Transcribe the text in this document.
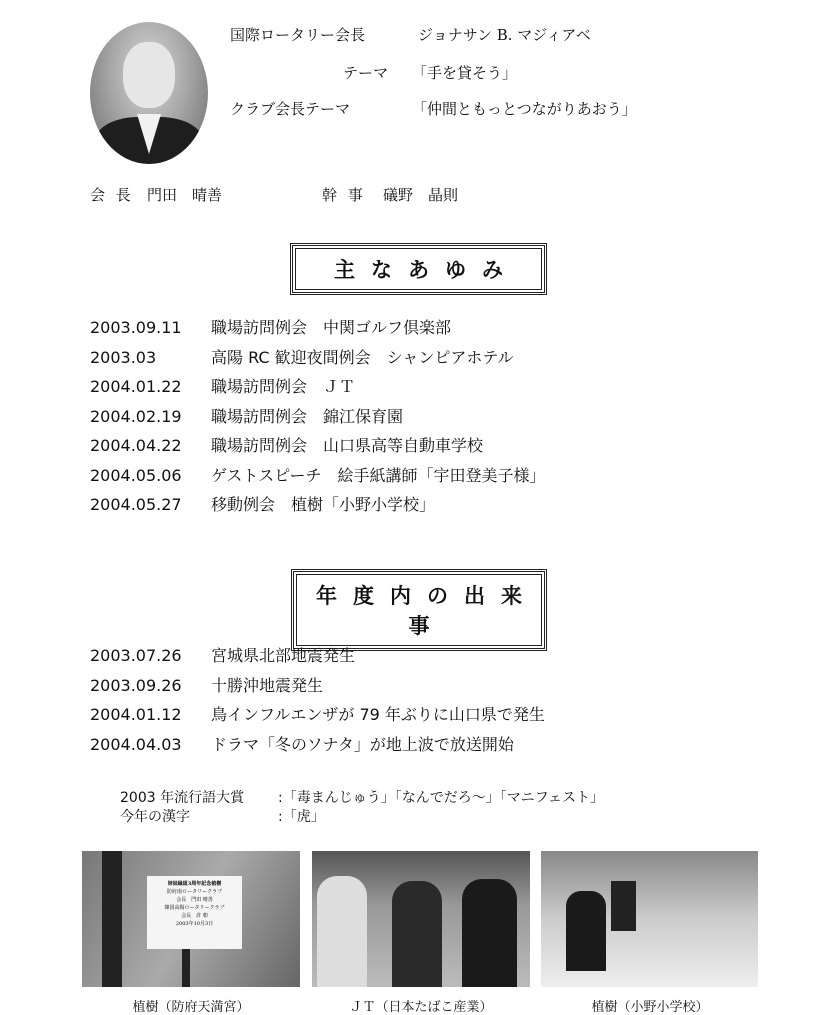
国際ロータリー会長	ジョナサン B. マジィアベ
テーマ 「手を貸そう」
クラブ会長テーマ	「仲間ともっとつながりあおう」
会 長 門田　晴善	幹 事 礒野　晶則
主なあゆみ
2003.09.11 職場訪問例会　中関ゴルフ倶楽部
2003.03	高陽 RC 歓迎夜間例会　シャンピアホテル
2004.01.22 職場訪問例会　ＪＴ
2004.02.19 職場訪問例会　錦江保育園
2004.04.22 職場訪問例会　山口県高等自動車学校
2004.05.06 ゲストスピーチ　絵手紙講師「宇田登美子様」
2004.05.27 移動例会　植樹「小野小学校」
年度内の出来事
2003.07.26 宮城県北部地震発生
2003.09.26 十勝沖地震発生
2004.01.12 鳥インフルエンザが 79 年ぶりに山口県で発生
2004.04.03 ドラマ「冬のソナタ」が地上波で放送開始
2003 年流行語大賞 :「毒まんじゅう」「なんでだろ～」「マニフェスト」
今年の漢字	:「虎」
姉妹縁組3周年記念植樹
防府南ロータリークラブ
会長　門田 晴善
韓国高陽ロータリークラブ
会長　許 朝
2003年10月3日
植樹（防府天満宮）	ＪＴ（日本たばこ産業）	植樹（小野小学校）
